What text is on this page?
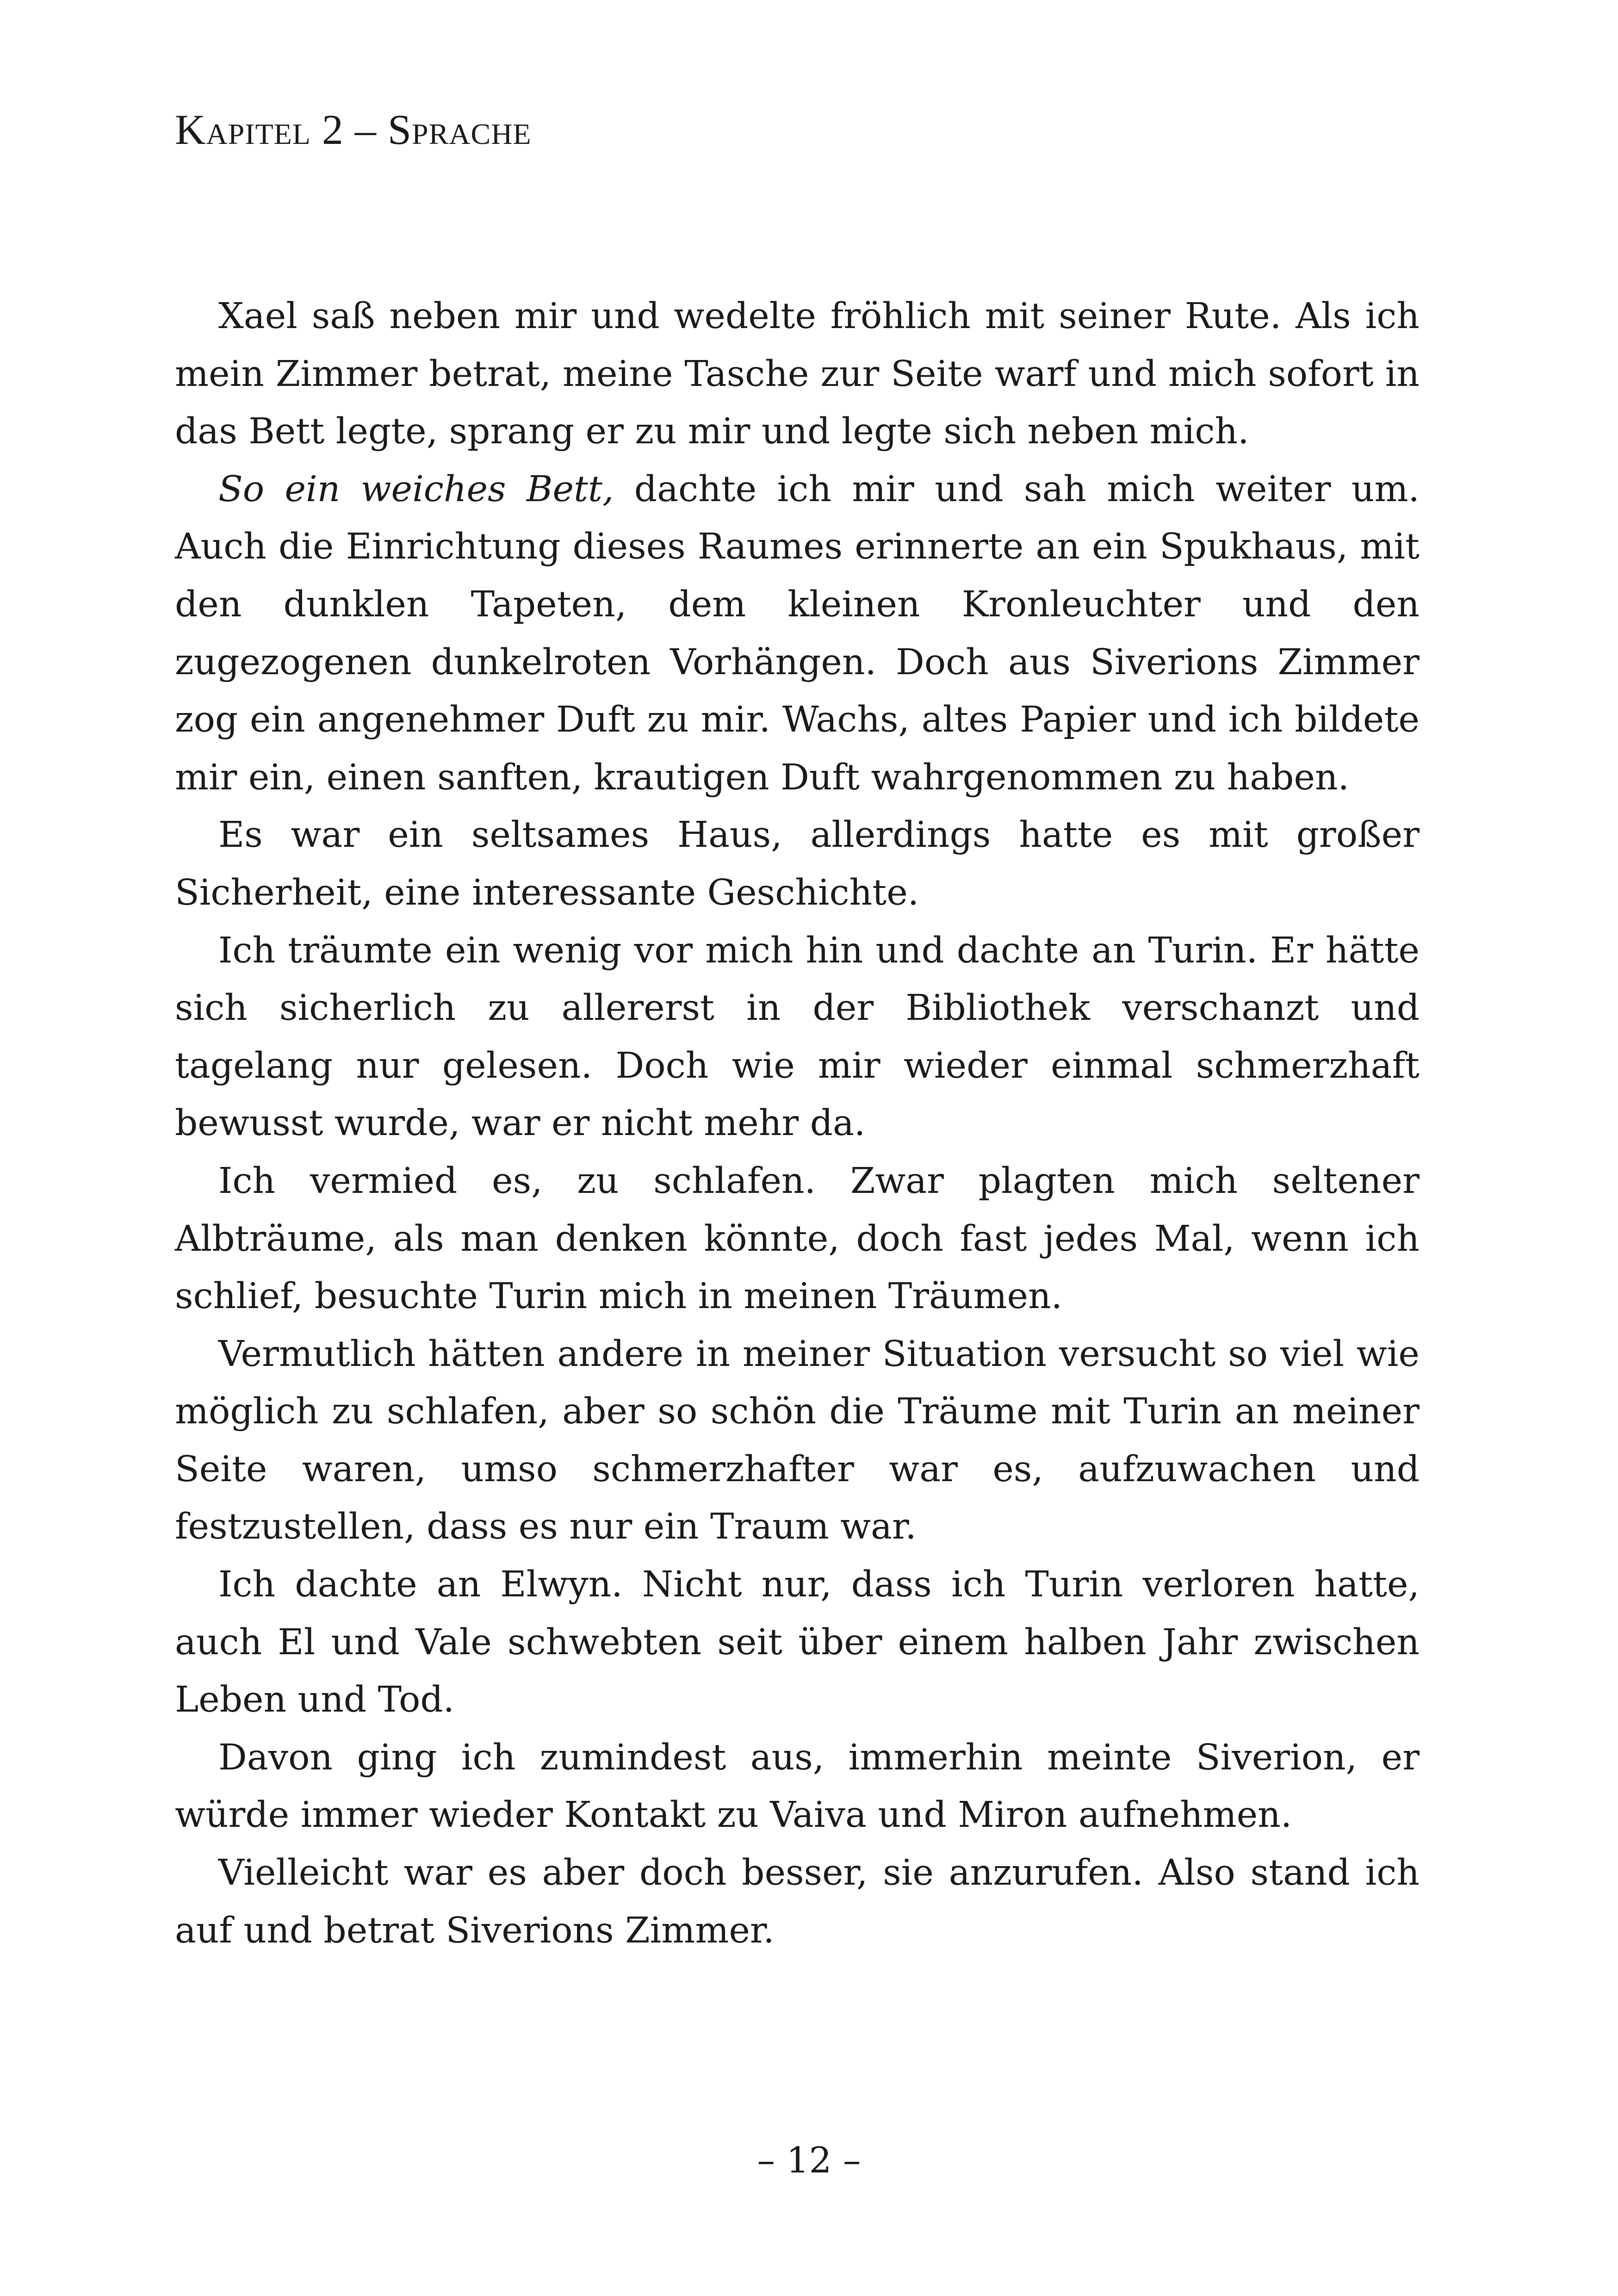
Kapitel 2 – Sprache

Xael saß neben mir und wedelte fröhlich mit seiner Rute. Als ich mein Zimmer betrat, meine Tasche zur Seite warf und mich sofort in das Bett legte, sprang er zu mir und legte sich neben mich.

So ein weiches Bett, dachte ich mir und sah mich weiter um. Auch die Einrichtung dieses Raumes erinnerte an ein Spukhaus, mit den dunklen Tapeten, dem kleinen Kronleuchter und den zugezogenen dunkelroten Vorhängen. Doch aus Siverions Zimmer zog ein angenehmer Duft zu mir. Wachs, altes Papier und ich bildete mir ein, einen sanften, krautigen Duft wahrgenommen zu haben.

Es war ein seltsames Haus, allerdings hatte es mit großer Sicherheit, eine interessante Geschichte.

Ich träumte ein wenig vor mich hin und dachte an Turin. Er hätte sich sicherlich zu allererst in der Bibliothek verschanzt und tagelang nur gelesen. Doch wie mir wieder einmal schmerzhaft bewusst wurde, war er nicht mehr da.

Ich vermied es, zu schlafen. Zwar plagten mich seltener Albträume, als man denken könnte, doch fast jedes Mal, wenn ich schlief, besuchte Turin mich in meinen Träumen.

Vermutlich hätten andere in meiner Situation versucht so viel wie möglich zu schlafen, aber so schön die Träume mit Turin an meiner Seite waren, umso schmerzhafter war es, aufzuwachen und festzustellen, dass es nur ein Traum war.

Ich dachte an Elwyn. Nicht nur, dass ich Turin verloren hatte, auch El und Vale schwebten seit über einem halben Jahr zwischen Leben und Tod.

Davon ging ich zumindest aus, immerhin meinte Siverion, er würde immer wieder Kontakt zu Vaiva und Miron aufnehmen.

Vielleicht war es aber doch besser, sie anzurufen. Also stand ich auf und betrat Siverions Zimmer.

– 12 –
